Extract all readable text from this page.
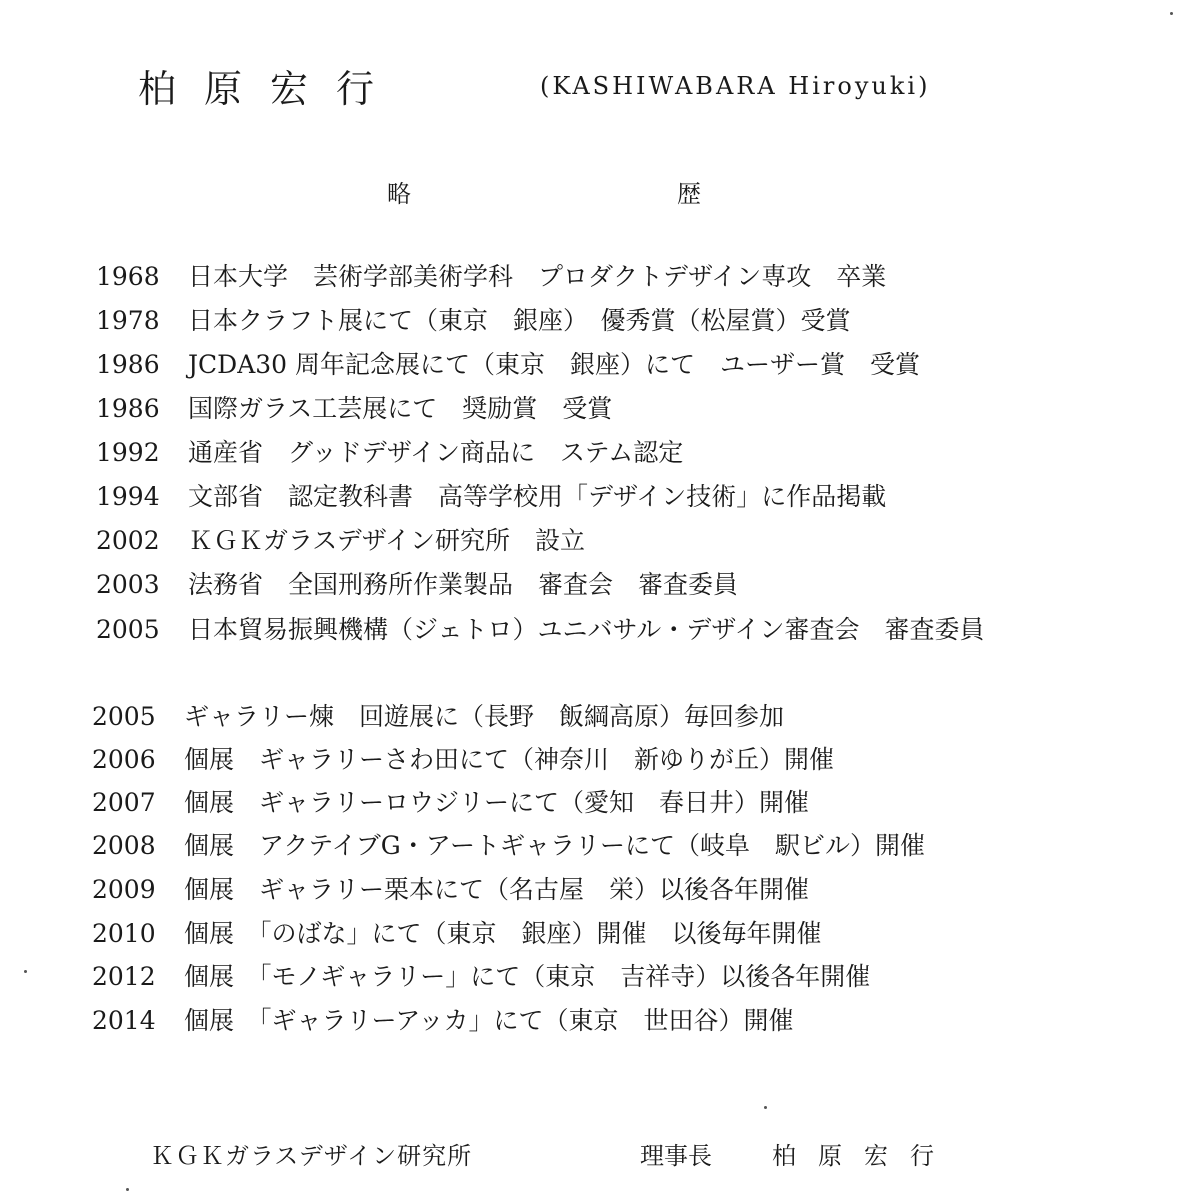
柏原宏行	(KASHIWABARA Hiroyuki)
略	歴
1968 日本大学　芸術学部美術学科　プロダクトデザイン専攻　卒業
1978 日本クラフト展にて（東京　銀座）　優秀賞（松屋賞）受賞
1986 JCDA30 周年記念展にて（東京　銀座）にて　ユーザー賞　受賞
1986 国際ガラス工芸展にて　奨励賞　受賞
1992 通産省　グッドデザイン商品に　ステム認定
1994 文部省　認定教科書　高等学校用「デザイン技術」に作品掲載
2002 ＫＧＫガラスデザイン研究所　設立
2003 法務省　全国刑務所作業製品　審査会　審査委員
2005 日本貿易振興機構（ジェトロ）ユニバサル・デザイン審査会　審査委員
2005 ギャラリー煉　回遊展に（長野　飯綱高原）毎回参加
2006 個展　ギャラリーさわ田にて（神奈川　新ゆりが丘）開催
2007 個展　ギャラリーロウジリーにて（愛知　春日井）開催
2008 個展　アクテイブG・アートギャラリーにて（岐阜　駅ビル）開催
2009 個展　ギャラリー栗本にて（名古屋　栄）以後各年開催
2010 個展　「のばな」にて（東京　銀座）開催　以後毎年開催
2012 個展　「モノギャラリー」にて（東京　吉祥寺）以後各年開催
2014 個展　「ギャラリーアッカ」にて（東京　世田谷）開催
ＫＧＫガラスデザイン研究所	理事長	柏原宏行
